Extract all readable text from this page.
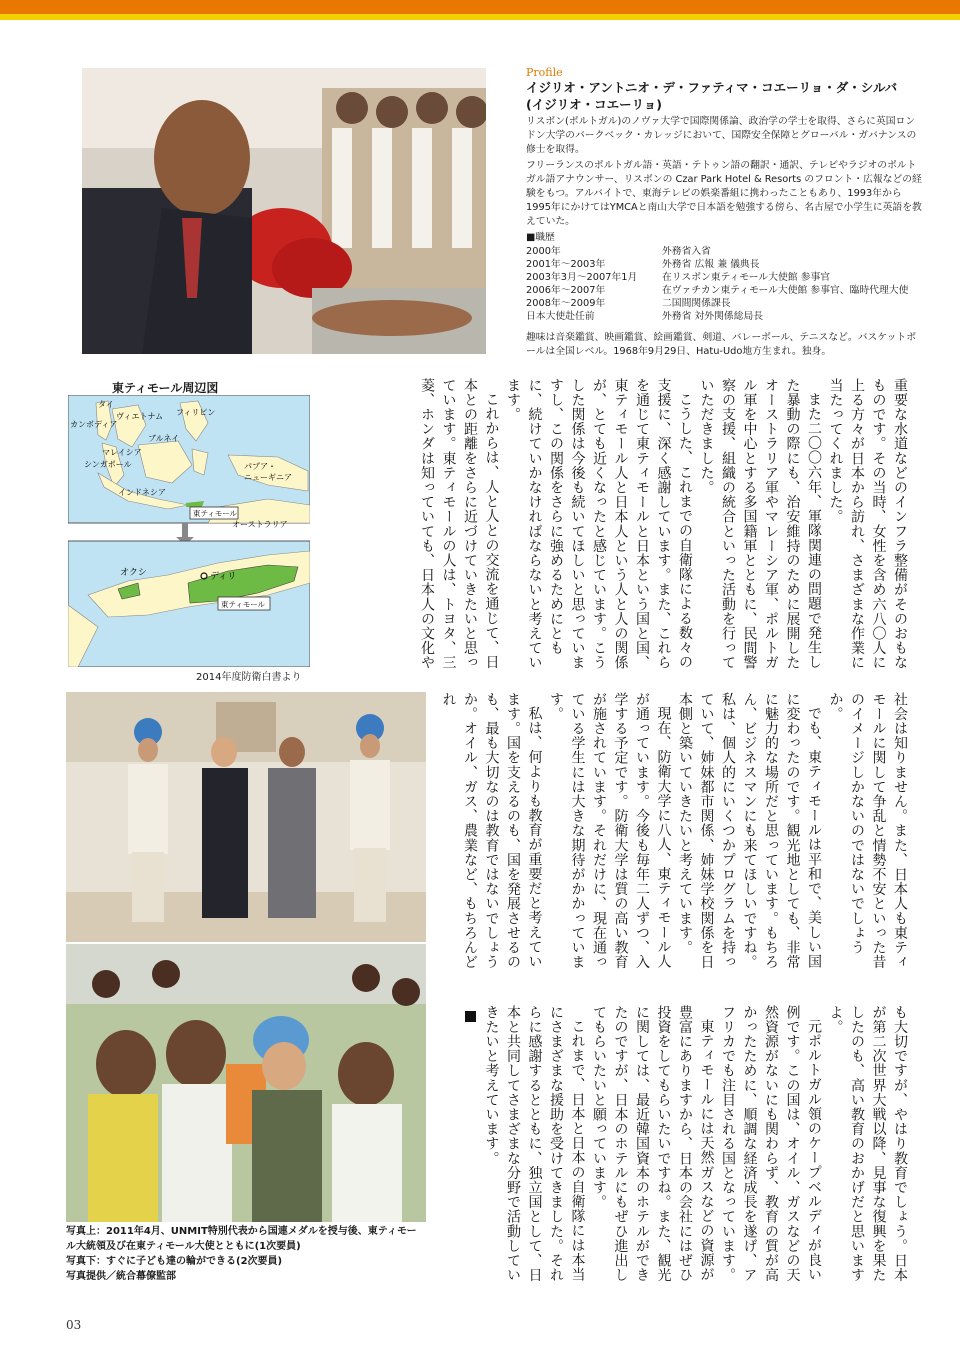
Profile
イジリオ・アントニオ・デ・ファティマ・コエーリョ・ダ・シルバ
(イジリオ・コエーリョ)

リスボン(ポルトガル)のノヴァ大学で国際関係論、政治学の学士を取得、さらに英国ロンドン大学のバークベック・カレッジにおいて、国際安全保障とグローバル・ガバナンスの修士を取得。

フリーランスのポルトガル語・英語・テトゥン語の翻訳・通訳、テレビやラジオのポルトガル語アナウンサー、リスボンの Czar Park Hotel & Resorts のフロント・広報などの経験をもつ。アルバイトで、東海テレビの娯楽番組に携わったこともあり、1993年から1995年にかけてはYMCAと南山大学で日本語を勉強する傍ら、名古屋で小学生に英語を教えていた。

■職歴

2000年	外務省入省
2001年〜2003年	外務省 広報 兼 儀典長
2003年3月〜2007年1月	在リスボン東ティモール大使館 参事官
2006年〜2007年	在ヴァチカン東ティモール大使館 参事官、臨時代理大使
2008年〜2009年	二国間関係課長
日本大使赴任前	外務省 対外関係総局長

趣味は音楽鑑賞、映画鑑賞、絵画鑑賞、剣道、バレーボール、テニスなど。バスケットボールは全国レベル。1968年9月29日、Hatu-Udo地方生まれ。独身。

東ティモール周辺図
タイ
ヴィエトナム フィリピン
カンボディア
ブルネイ
マレイシア
シンガポール	パプア・
ニューギニア
インドネシア
東ティモール
オーストラリア
ディリ
オクシ
東ティモール
2014年度防衛白書より

重要な水道などのインフラ整備がそのおもなものです。その当時、女性を含め六八〇人に上る方々が日本から訪れ、さまざまな作業に当たってくれました。

また二〇〇六年、軍隊関連の問題で発生した暴動の際にも、治安維持のために展開したオーストラリア軍やマレーシア軍、ポルトガル軍を中心とする多国籍軍とともに、民間警察の支援、組織の統合といった活動を行っていただきました。

こうした、これまでの自衛隊による数々の支援に、深く感謝しています。また、これらを通じて東ティモールと日本という国と国、東ティモール人と日本人という人と人の関係が、とても近くなったと感じています。こうした関係は今後も続いてほしいと思っていますし、この関係をさらに強めるためにともに、続けていかなければならないと考えています。

これからは、人と人との交流を通じて、日本との距離をさらに近づけていきたいと思っています。東ティモールの人は、トヨタ、三菱、ホンダは知っていても、日本人の文化や

社会は知りません。また、日本人も東ティモールに関して争乱と情勢不安といった昔のイメージしかないのではないでしょうか。

でも、東ティモールは平和で、美しい国に変わったのです。観光地としても、非常に魅力的な場所だと思っています。もちろん、ビジネスマンにも来てほしいですね。私は、個人的にいくつかプログラムを持っていて、姉妹都市関係、姉妹学校関係を日本側と築いていきたいと考えています。

現在、防衛大学に八人、東ティモール人が通っています。今後も毎年二人ずつ、入学する予定です。防衛大学は質の高い教育が施されています。それだけに、現在通っている学生には大きな期待がかかっています。

私は、何よりも教育が重要だと考えています。国を支えるのも、国を発展させるのも、最も大切なのは教育ではないでしょうか。オイル、ガス、農業など、もちろんどれ

も大切ですが、やはり教育でしょう。日本が第二次世界大戦以降、見事な復興を果たしたのも、高い教育のおかげだと思いますよ。

元ポルトガル領のケープベルディが良い例です。この国は、オイル、ガスなどの天然資源がないにも関わらず、教育の質が高かったために、順調な経済成長を遂げ、アフリカでも注目される国となっています。

東ティモールには天然ガスなどの資源が豊富にありますから、日本の会社にはぜひ投資をしてもらいたいですね。また、観光に関しては、最近韓国資本のホテルができたのですが、日本のホテルにもぜひ進出してもらいたいと願っています。

これまで、日本と日本の自衛隊には本当にさまざまな援助を受けてきました。それらに感謝するとともに、独立国として、日本と共同してさまざまな分野で活動していきたいと考えています。

写真上：2011年4月、UNMIT特別代表から国連メダルを授与後、東ティモール大統領及び在東ティモール大使とともに(1次要員)
写真下：すぐに子ども達の輪ができる(2次要員)
写真提供／統合幕僚監部
03
